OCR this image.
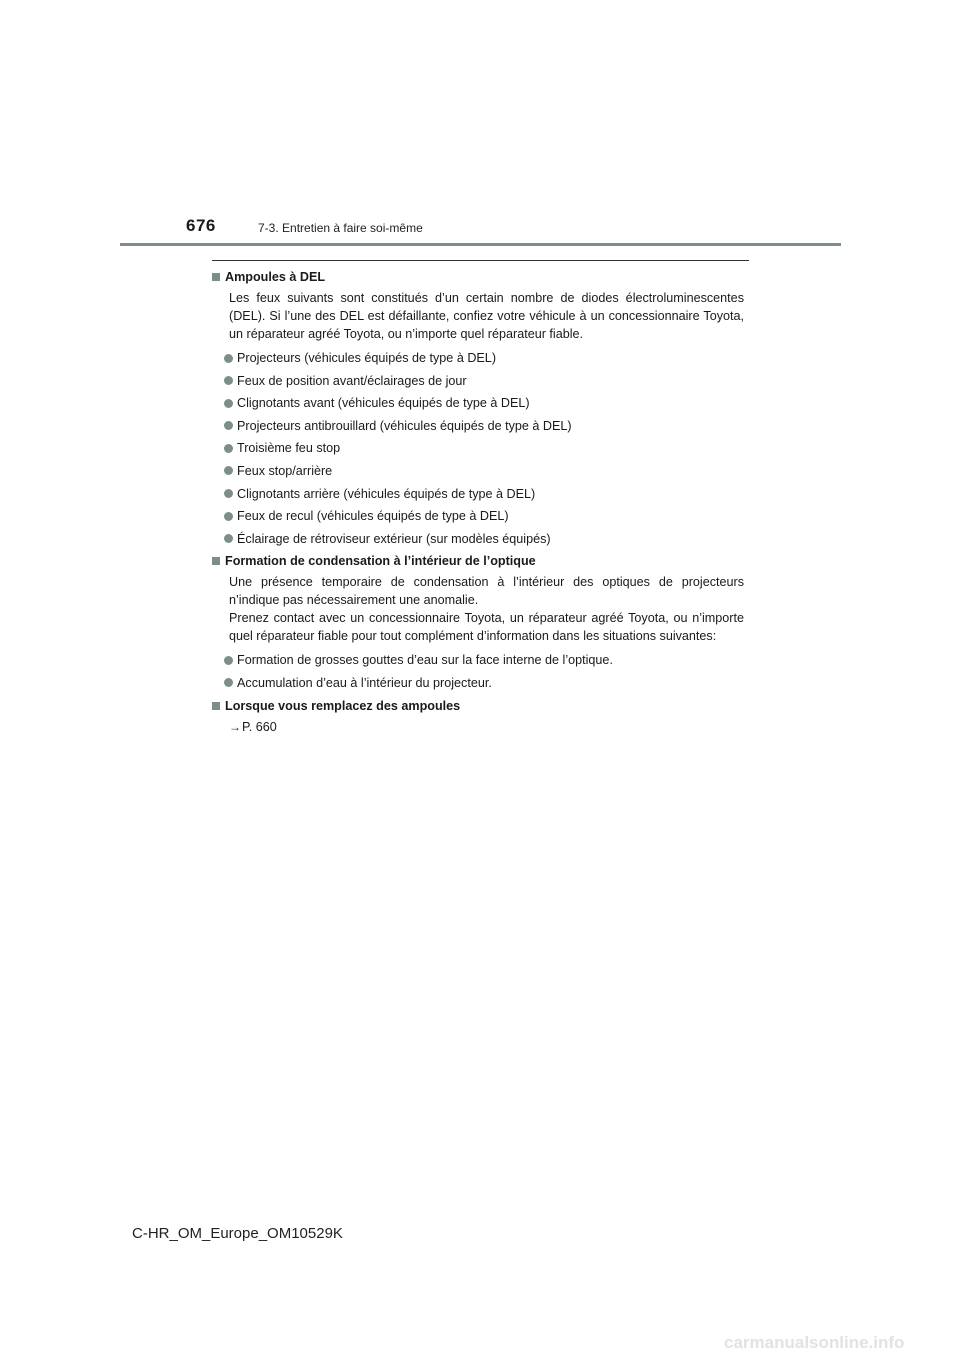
676	7-3. Entretien à faire soi-même
Ampoules à DEL

Les feux suivants sont constitués d’un certain nombre de diodes électroluminescentes (DEL). Si l’une des DEL est défaillante, confiez votre véhicule à un concessionnaire Toyota, un réparateur agréé Toyota, ou n’importe quel réparateur fiable.

Projecteurs (véhicules équipés de type à DEL)
Feux de position avant/éclairages de jour
Clignotants avant (véhicules équipés de type à DEL)
Projecteurs antibrouillard (véhicules équipés de type à DEL)
Troisième feu stop
Feux stop/arrière
Clignotants arrière (véhicules équipés de type à DEL)
Feux de recul (véhicules équipés de type à DEL)
Éclairage de rétroviseur extérieur (sur modèles équipés)
Formation de condensation à l’intérieur de l’optique

Une présence temporaire de condensation à l’intérieur des optiques de projecteurs n’indique pas nécessairement une anomalie.

Prenez contact avec un concessionnaire Toyota, un réparateur agréé Toyota, ou n’importe quel réparateur fiable pour tout complément d’information dans les situations suivantes:

Formation de grosses gouttes d’eau sur la face interne de l’optique.
Accumulation d’eau à l’intérieur du projecteur.
Lorsque vous remplacez des ampoules
→ P. 660
C-HR_OM_Europe_OM10529K
carmanualsonline.info
